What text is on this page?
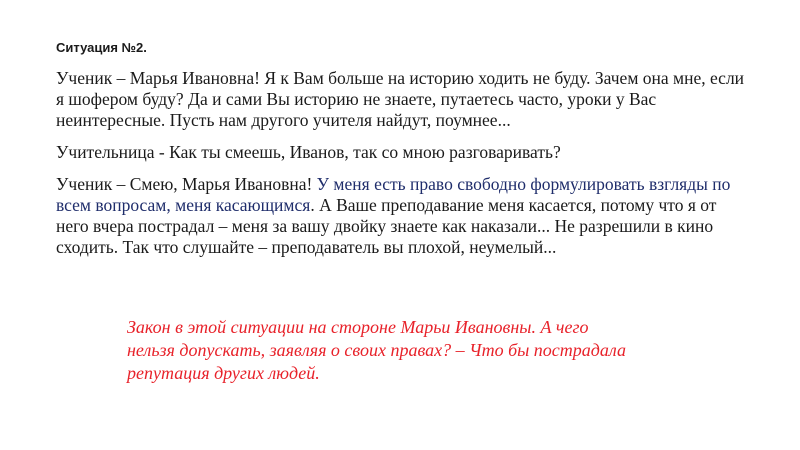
Ситуация №2.

Ученик – Марья Ивановна! Я к Вам больше на историю ходить не буду. Зачем она мне, если я шофером буду? Да и сами Вы историю не знаете, путаетесь часто, уроки у Вас неинтересные. Пусть нам другого учителя найдут, поумнее...

Учительница - Как ты смеешь, Иванов, так со мною разговаривать?

Ученик – Смею, Марья Ивановна! У меня есть право свободно формулировать взгляды по всем вопросам, меня касающимся. А Ваше преподавание меня касается, потому что я от него вчера пострадал – меня за вашу двойку знаете как наказали... Не разрешили в кино сходить. Так что слушайте – преподаватель вы плохой, неумелый...

Закон в этой ситуации на стороне Марьи Ивановны. А чего нельзя допускать, заявляя о своих правах? – Что бы пострадала репутация других людей.
